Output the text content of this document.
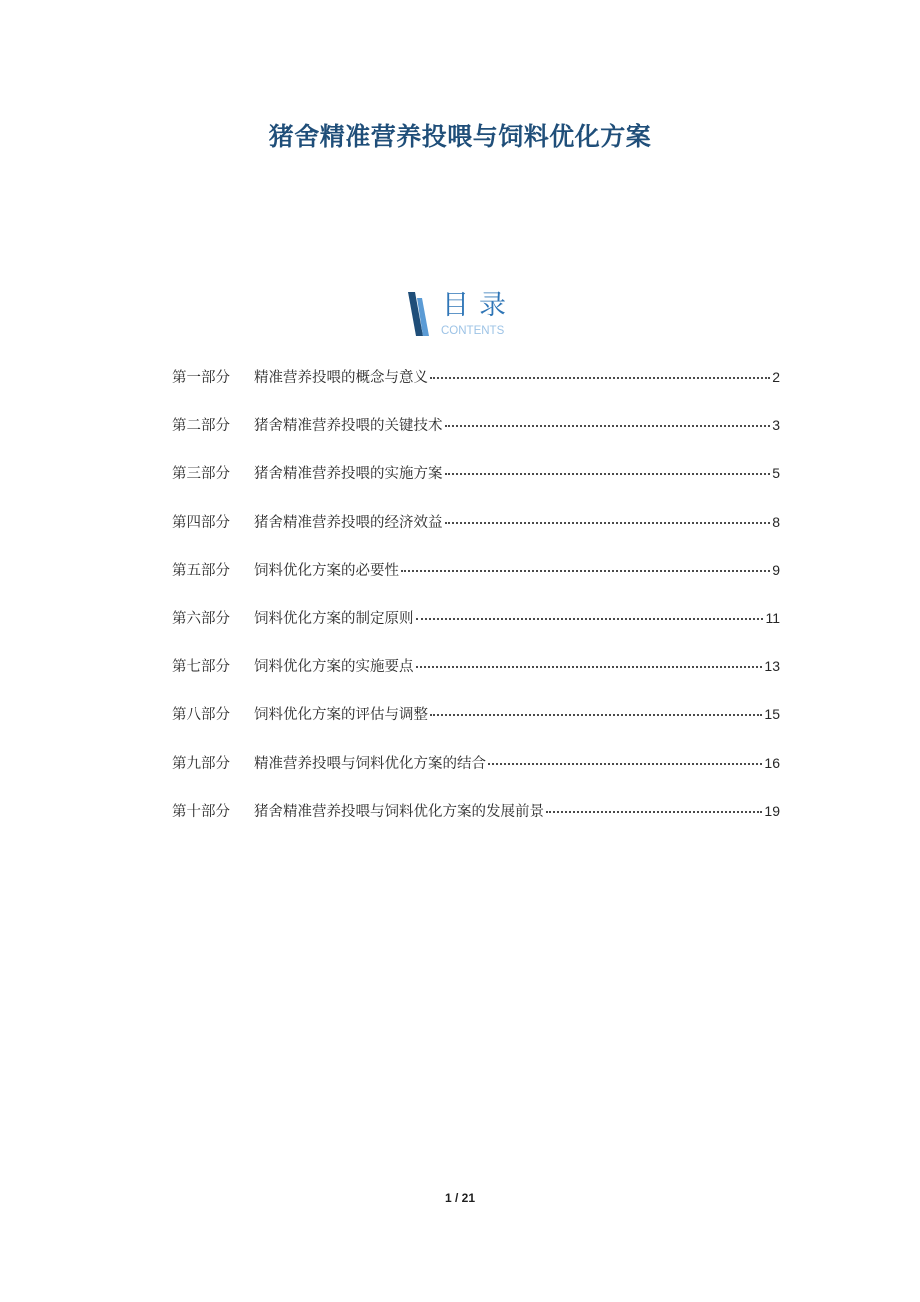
猪舍精准营养投喂与饲料优化方案
目录
CONTENTS
第一部分	精准营养投喂的概念与意义	2
第二部分	猪舍精准营养投喂的关键技术	3
第三部分	猪舍精准营养投喂的实施方案	5
第四部分	猪舍精准营养投喂的经济效益	8
第五部分	饲料优化方案的必要性	9
第六部分	饲料优化方案的制定原则	11
第七部分	饲料优化方案的实施要点	13
第八部分	饲料优化方案的评估与调整	15
第九部分	精准营养投喂与饲料优化方案的结合	16
第十部分	猪舍精准营养投喂与饲料优化方案的发展前景	19
1 / 21
